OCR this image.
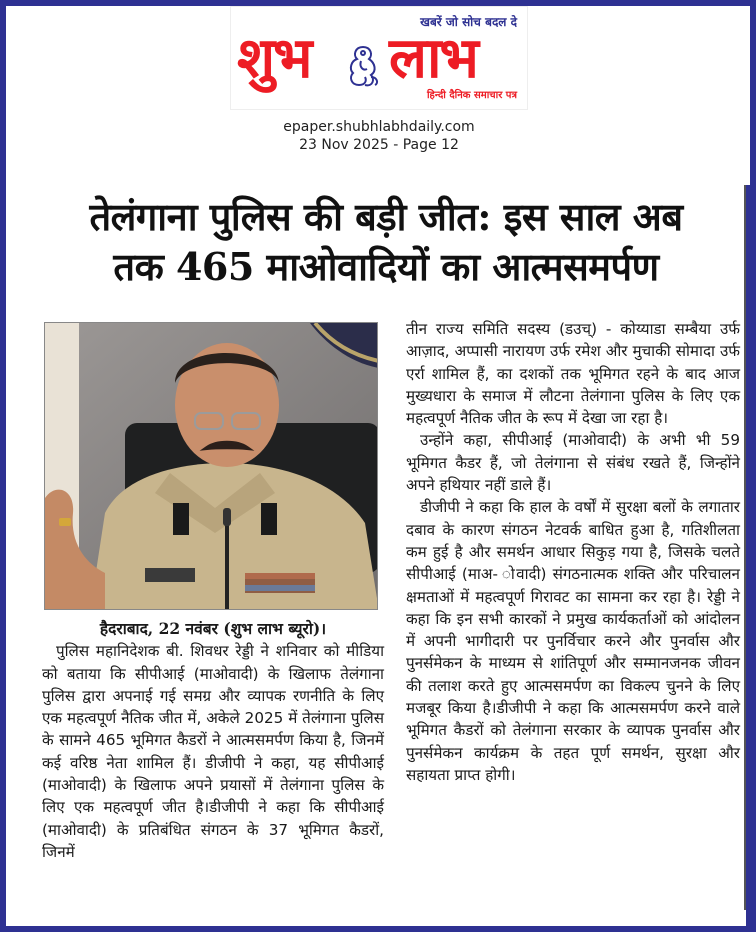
खबरें जो सोच बदल दे
शुभ लाभ
हिन्दी दैनिक समाचार पत्र
epaper.shubhlabhdaily.com
23 Nov 2025 - Page 12
तेलंगाना पुलिस की बड़ी जीत: इस साल अब
तक 465 माओवादियों का आत्मसमर्पण
हैदराबाद, 22 नवंबर (शुभ लाभ ब्यूरो)।

पुलिस महानिदेशक बी. शिवधर रेड्डी ने शनिवार को मीडिया को बताया कि सीपीआई (माओवादी) के खिलाफ तेलंगाना पुलिस द्वारा अपनाई गई समग्र और व्यापक रणनीति के लिए एक महत्वपूर्ण नैतिक जीत में, अकेले 2025 में तेलंगाना पुलिस के सामने 465 भूमिगत कैडरों ने आत्मसमर्पण किया है, जिनमें कई वरिष्ठ नेता शामिल हैं। डीजीपी ने कहा, यह सीपीआई (माओवादी) के खिलाफ अपने प्रयासों में तेलंगाना पुलिस के लिए एक महत्वपूर्ण जीत है।डीजीपी ने कहा कि सीपीआई (माओवादी) के प्रतिबंधित संगठन के 37 भूमिगत कैडरों, जिनमें

तीन राज्य समिति सदस्य (डउच्) - कोय्याडा सम्बैया उर्फ आज़ाद, अप्पासी नारायण उर्फ रमेश और मुचाकी सोमादा उर्फ एर्रा शामिल हैं, का दशकों तक भूमिगत रहने के बाद आज मुख्यधारा के समाज में लौटना तेलंगाना पुलिस के लिए एक महत्वपूर्ण नैतिक जीत के रूप में देखा जा रहा है।

उन्होंने कहा, सीपीआई (माओवादी) के अभी भी 59 भूमिगत कैडर हैं, जो तेलंगाना से संबंध रखते हैं, जिन्होंने अपने हथियार नहीं डाले हैं।

डीजीपी ने कहा कि हाल के वर्षों में सुरक्षा बलों के लगातार दबाव के कारण संगठन नेटवर्क बाधित हुआ है, गतिशीलता कम हुई है और समर्थन आधार सिकुड़ गया है, जिसके चलते सीपीआई (माअ- ोवादी) संगठनात्मक शक्ति और परिचालन क्षमताओं में महत्वपूर्ण गिरावट का सामना कर रहा है। रेड्डी ने कहा कि इन सभी कारकों ने प्रमुख कार्यकर्ताओं को आंदोलन में अपनी भागीदारी पर पुनर्विचार करने और पुनर्वास और पुनर्समेकन के माध्यम से शांतिपूर्ण और सम्मानजनक जीवन की तलाश करते हुए आत्मसमर्पण का विकल्प चुनने के लिए मजबूर किया है।डीजीपी ने कहा कि आत्मसमर्पण करने वाले भूमिगत कैडरों को तेलंगाना सरकार के व्यापक पुनर्वास और पुनर्समेकन कार्यक्रम के तहत पूर्ण समर्थन, सुरक्षा और सहायता प्राप्त होगी।
